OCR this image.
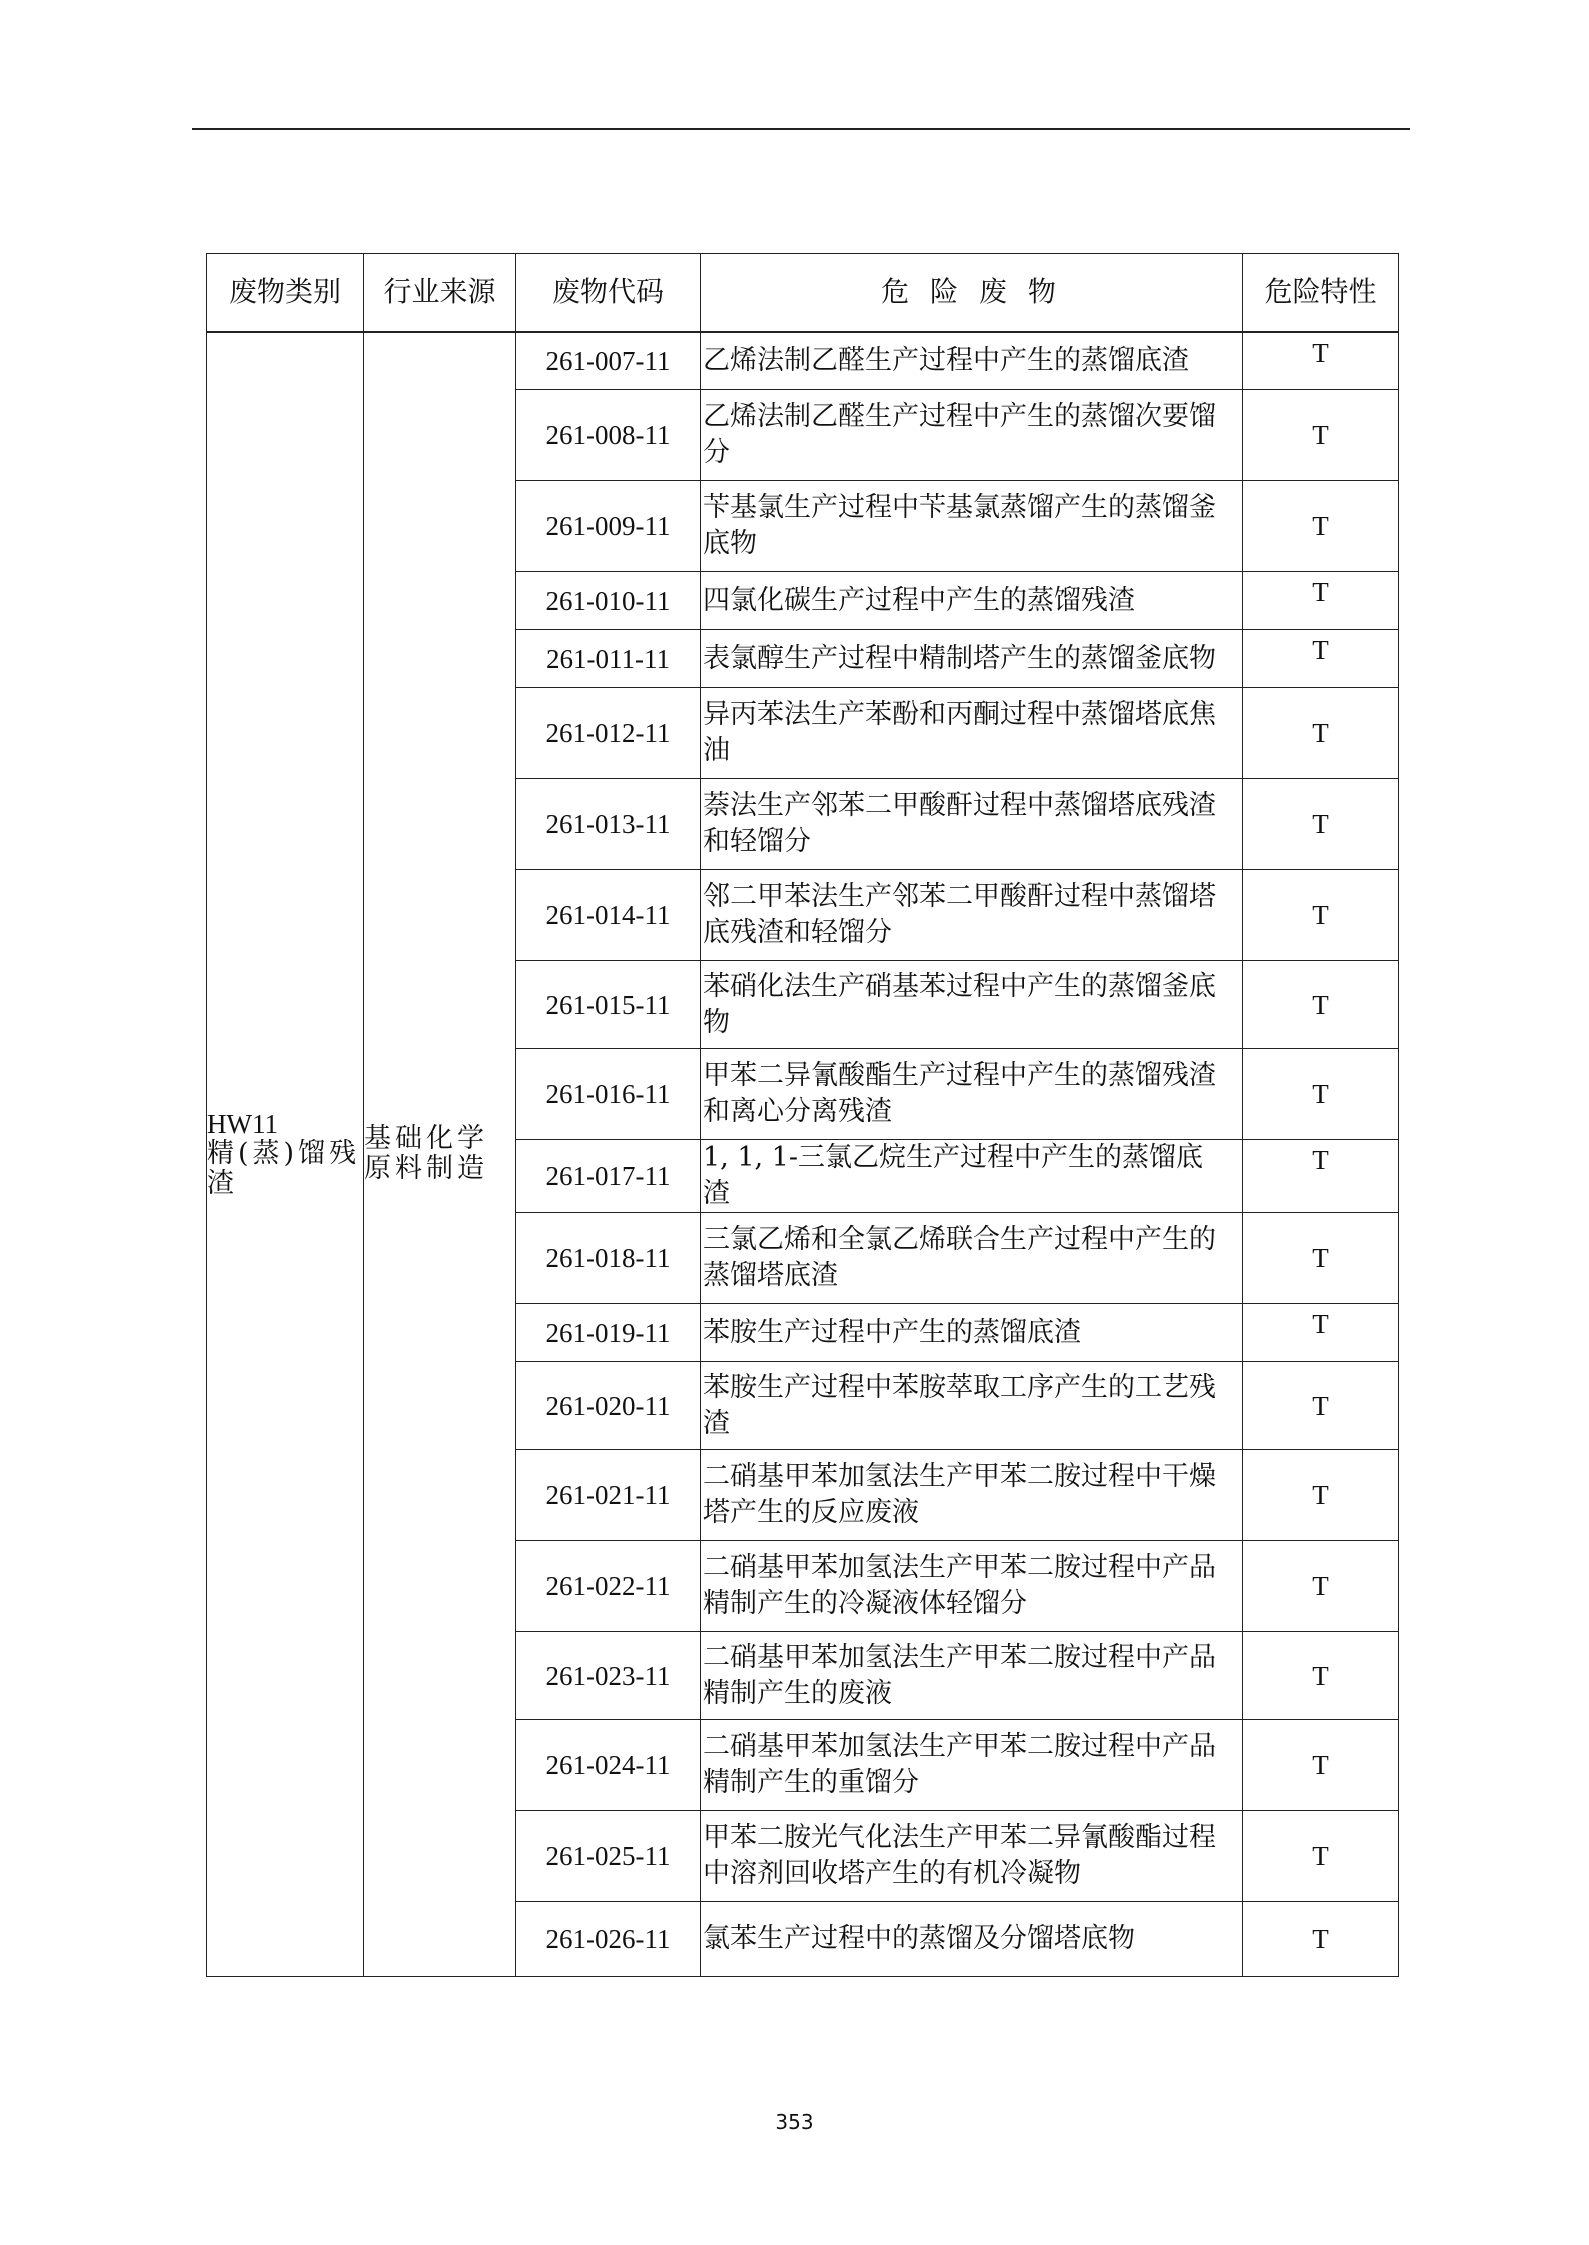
废物类别	行业来源	废物代码	危 险 废 物	危险特性

HW11
精(蒸)馏残渣	基础化学原料制造	261-007-11	乙烯法制乙醛生产过程中产生的蒸馏底渣	T
		261-008-11	乙烯法制乙醛生产过程中产生的蒸馏次要馏分	T
		261-009-11	苄基氯生产过程中苄基氯蒸馏产生的蒸馏釜底物	T
		261-010-11	四氯化碳生产过程中产生的蒸馏残渣	T
		261-011-11	表氯醇生产过程中精制塔产生的蒸馏釜底物	T
		261-012-11	异丙苯法生产苯酚和丙酮过程中蒸馏塔底焦油	T
		261-013-11	萘法生产邻苯二甲酸酐过程中蒸馏塔底残渣和轻馏分	T
		261-014-11	邻二甲苯法生产邻苯二甲酸酐过程中蒸馏塔底残渣和轻馏分	T
		261-015-11	苯硝化法生产硝基苯过程中产生的蒸馏釜底物	T
		261-016-11	甲苯二异氰酸酯生产过程中产生的蒸馏残渣和离心分离残渣	T
		261-017-11	1, 1, 1-三氯乙烷生产过程中产生的蒸馏底渣	T
		261-018-11	三氯乙烯和全氯乙烯联合生产过程中产生的蒸馏塔底渣	T
		261-019-11	苯胺生产过程中产生的蒸馏底渣	T
		261-020-11	苯胺生产过程中苯胺萃取工序产生的工艺残渣	T
		261-021-11	二硝基甲苯加氢法生产甲苯二胺过程中干燥塔产生的反应废液	T
		261-022-11	二硝基甲苯加氢法生产甲苯二胺过程中产品精制产生的冷凝液体轻馏分	T
		261-023-11	二硝基甲苯加氢法生产甲苯二胺过程中产品精制产生的废液	T
		261-024-11	二硝基甲苯加氢法生产甲苯二胺过程中产品精制产生的重馏分	T
		261-025-11	甲苯二胺光气化法生产甲苯二异氰酸酯过程中溶剂回收塔产生的有机冷凝物	T
		261-026-11	氯苯生产过程中的蒸馏及分馏塔底物	T
353
